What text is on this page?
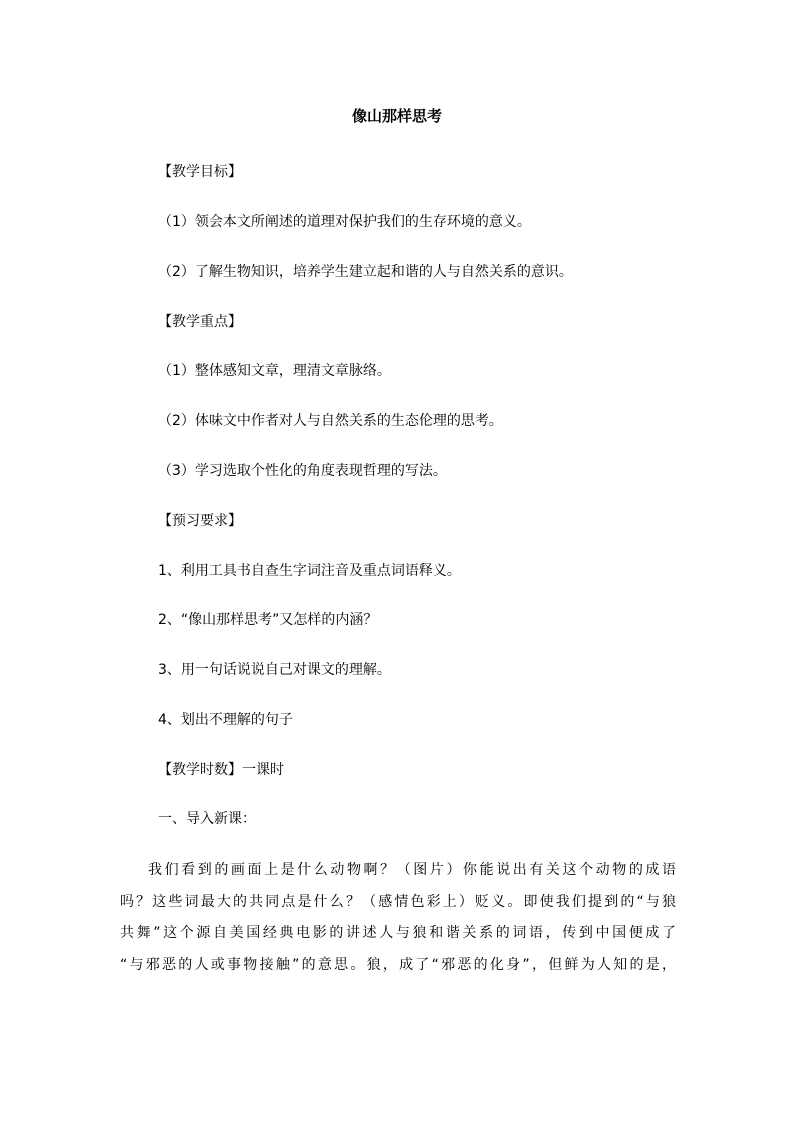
像山那样思考
【教学目标】
（1）领会本文所阐述的道理对保护我们的生存环境的意义。
（2）了解生物知识，培养学生建立起和谐的人与自然关系的意识。
【教学重点】
（1）整体感知文章，理清文章脉络。
（2）体味文中作者对人与自然关系的生态伦理的思考。
（3）学习选取个性化的角度表现哲理的写法。
【预习要求】
1、利用工具书自查生字词注音及重点词语释义。
2、“像山那样思考”又怎样的内涵？
3、用一句话说说自己对课文的理解。
4、划出不理解的句子
【教学时数】一课时
一、导入新课：
我们看到的画面上是什么动物啊？（图片）你能说出有关这个动物的成语
吗？这些词最大的共同点是什么？（感情色彩上）贬义。即使我们提到的“与狼
共舞”这个源自美国经典电影的讲述人与狼和谐关系的词语，传到中国便成了
“与邪恶的人或事物接触”的意思。狼，成了“邪恶的化身”，但鲜为人知的是，
